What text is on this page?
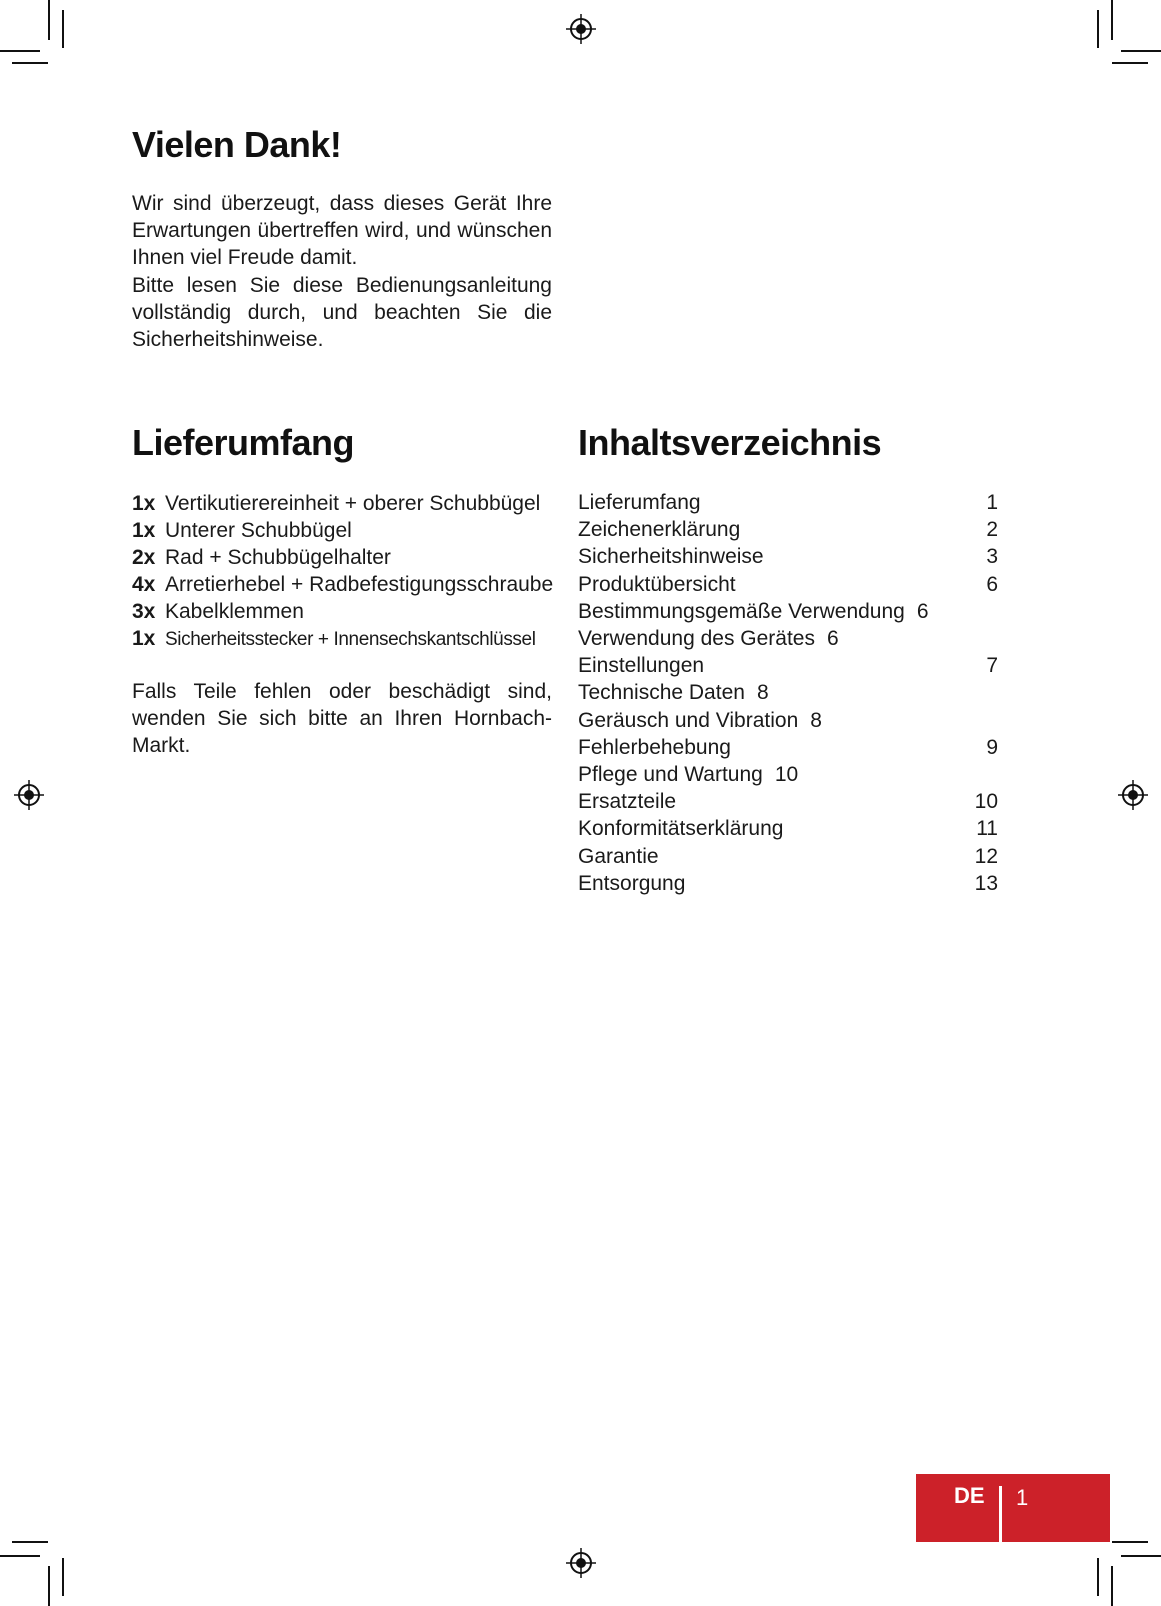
Vielen Dank!

Wir sind überzeugt, dass dieses Gerät Ihre Erwartungen übertreffen wird, und wünschen Ihnen viel Freude damit.

Bitte lesen Sie diese Bedienungsanleitung vollständig durch, und beachten Sie die Sicherheitshinweise.

Lieferumfang
1x Vertikutierereinheit + oberer Schubbügel
1x Unterer Schubbügel
2x Rad + Schubbügelhalter
4x Arretierhebel + Radbefestigungsschraube
3x Kabelklemmen
1x Sicherheitsstecker + Innensechskantschlüssel
Falls Teile fehlen oder beschädigt sind, wenden Sie sich bitte an Ihren Hornbach-Markt.
Inhaltsverzeichnis
Lieferumfang	1
Zeichenerklärung	2
Sicherheitshinweise	3
Produktübersicht	6
Bestimmungsgemäße Verwendung 6
Verwendung des Gerätes 6
Einstellungen	7
Technische Daten 8
Geräusch und Vibration 8
Fehlerbehebung	9
Pflege und Wartung 10
Ersatzteile	10
Konformitätserklärung	11
Garantie	12
Entsorgung	13
DE 1
